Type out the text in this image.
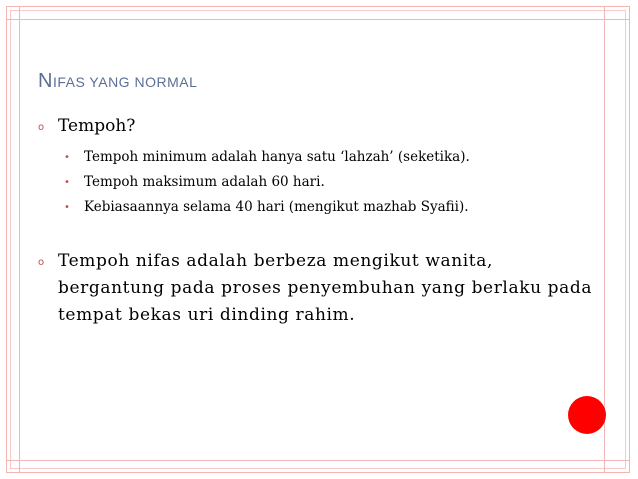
NIFAS YANG NORMAL
o Tempoh?
• Tempoh minimum adalah hanya satu ‘lahzah’ (seketika).
• Tempoh maksimum adalah 60 hari.
• Kebiasaannya selama 40 hari (mengikut mazhab Syafii).
o Tempoh nifas adalah berbeza mengikut wanita, bergantung pada proses penyembuhan yang berlaku pada tempat bekas uri dinding rahim.
